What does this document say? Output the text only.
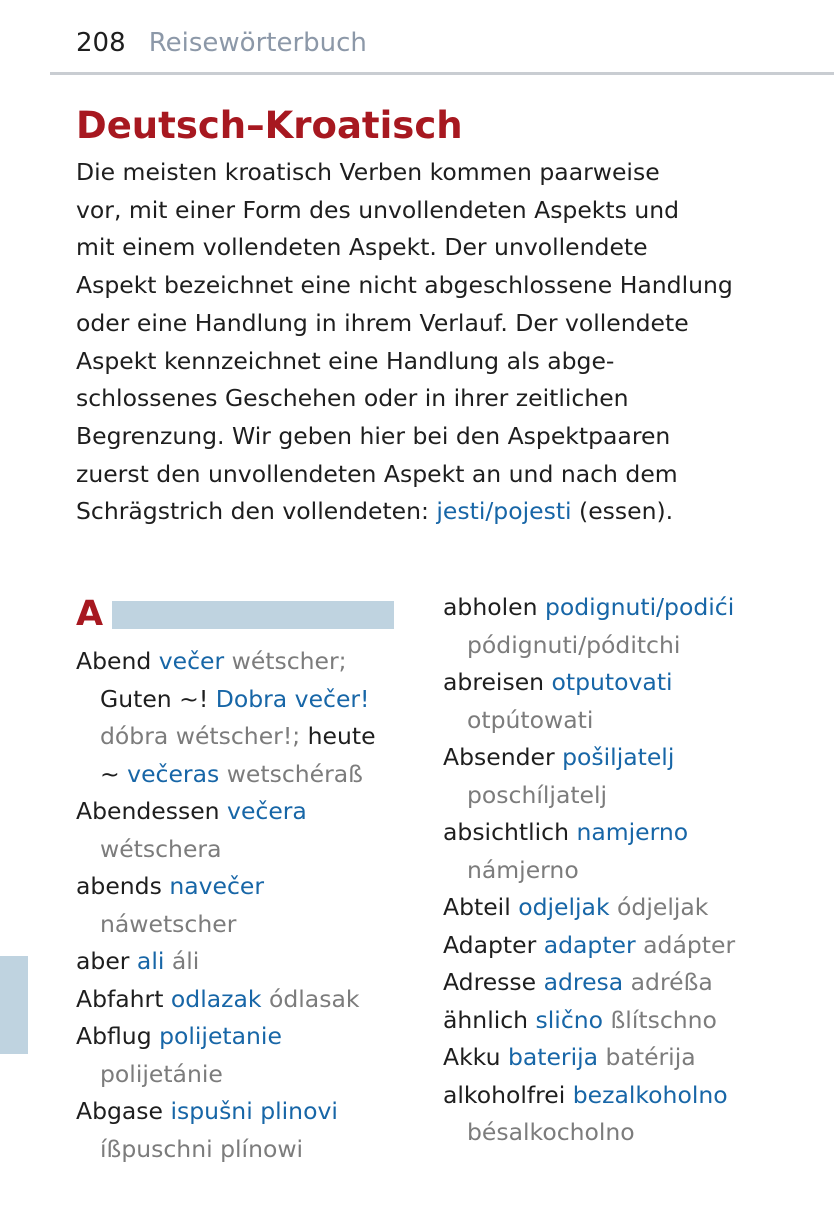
208 Reisewörterbuch
Deutsch–Kroatisch

Die meisten kroatisch Verben kommen paarweise
vor, mit einer Form des unvollendeten Aspekts und
mit einem vollendeten Aspekt. Der unvollendete
Aspekt bezeichnet eine nicht abgeschlossene Handlung
oder eine Handlung in ihrem Verlauf. Der vollendete
Aspekt kennzeichnet eine Handlung als abge-
schlossenes Geschehen oder in ihrer zeitlichen
Begrenzung. Wir geben hier bei den Aspektpaaren
zuerst den unvollendeten Aspekt an und nach dem
Schrägstrich den vollendeten: jesti/pojesti (essen).

A
Abend večer wétscher;
Guten ~! Dobra večer!
dóbra wétscher!; heute
~ večeras wetschéraß
Abendessen večera
wétschera
abends navečer
náwetscher
aber ali áli
Abfahrt odlazak ódlasak
Abflug polijetanie
polijetánie
Abgase ispušni plinovi
íßpuschni plínowi
abholen podignuti/podići
pódignuti/póditchi
abreisen otputovati
otpútowati
Absender pošiljatelj
poschíljatelj
absichtlich namjerno
námjerno
Abteil odjeljak ódjeljak
Adapter adapter adápter
Adresse adresa adréßa
ähnlich slično ßlítschno
Akku baterija batérija
alkoholfrei bezalkoholno
bésalkocholno
